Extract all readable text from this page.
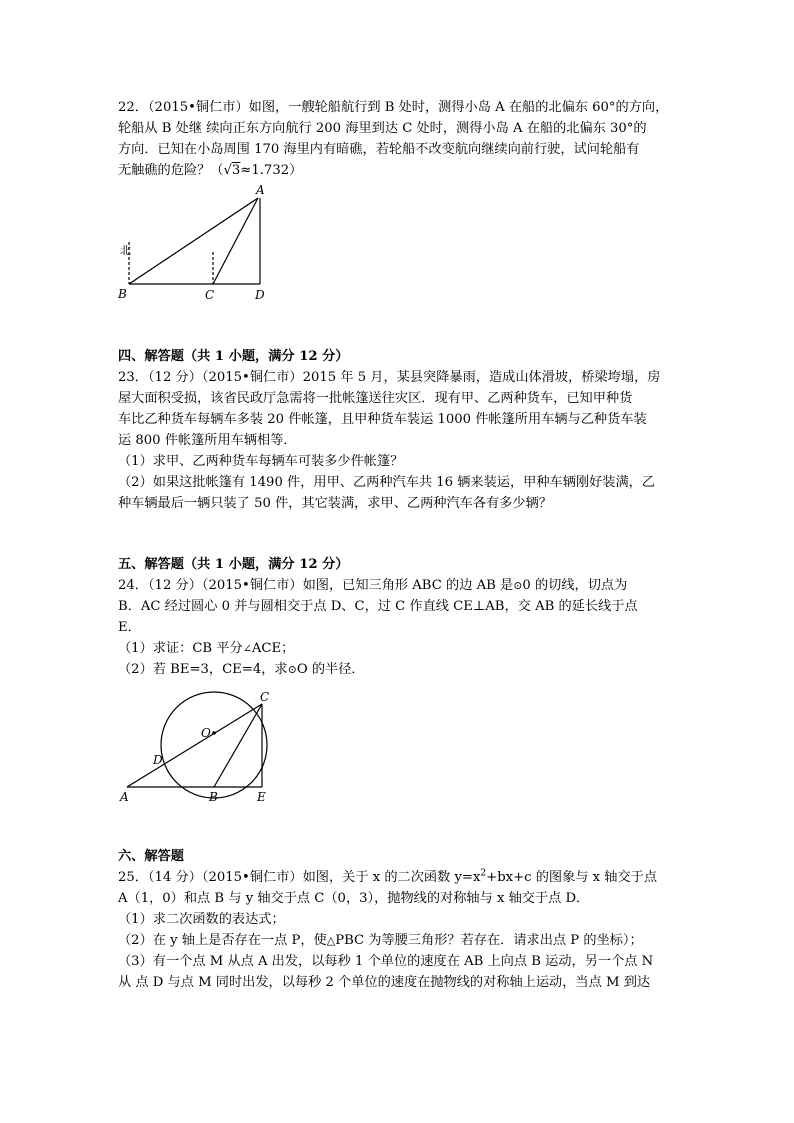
22．（2015•铜仁市）如图，一艘轮船航行到 B 处时，测得小岛 A 在船的北偏东 60°的方向，
轮船从 B 处继 续向正东方向航行 200 海里到达 C 处时，测得小岛 A 在船的北偏东 30°的
方向．已知在小岛周围 170 海里内有暗礁，若轮船不改变航向继续向前行驶，试问轮船有
无触礁的危险？（√3≈1.732）
北
A
B	C	D
四、解答题（共 1 小题，满分 12 分）
23．（12 分）（2015•铜仁市）2015 年 5 月，某县突降暴雨，造成山体滑坡，桥梁垮塌，房
屋大面积受损，该省民政厅急需将一批帐篷送往灾区．现有甲、乙两种货车，已知甲种货
车比乙种货车每辆车多装 20 件帐篷，且甲种货车装运 1000 件帐篷所用车辆与乙种货车装
运 800 件帐篷所用车辆相等．
（1）求甲、乙两种货车每辆车可装多少件帐篷？
（2）如果这批帐篷有 1490 件，用甲、乙两种汽车共 16 辆来装运，甲种车辆刚好装满，乙
种车辆最后一辆只装了 50 件，其它装满，求甲、乙两种汽车各有多少辆？
五、解答题（共 1 小题，满分 12 分）
24．（12 分）（2015•铜仁市）如图，已知三角形 ABC 的边 AB 是⊙0 的切线，切点为
B．AC 经过圆心 0 并与圆相交于点 D、C，过 C 作直线 CE⊥AB，交 AB 的延长线于点
E．
（1）求证：CB 平分∠ACE；
（2）若 BE=3，CE=4，求⊙O 的半径．
O
C
D
A	B	E
六、解答题
25．（14 分）（2015•铜仁市）如图，关于 x 的二次函数 $y=x^2+bx+c$ 的图象与 x 轴交于点
A（1，0）和点 B 与 y 轴交于点 C（0，3），抛物线的对称轴与 x 轴交于点 D．
（1）求二次函数的表达式；
（2）在 y 轴上是否存在一点 P，使△PBC 为等腰三角形？若存在．请求出点 P 的坐标）；
（3）有一个点 M 从点 A 出发，以每秒 1 个单位的速度在 AB 上向点 B 运动，另一个点 N
从 点 D 与点 M 同时出发，以每秒 2 个单位的速度在抛物线的对称轴上运动，当点 M 到达
